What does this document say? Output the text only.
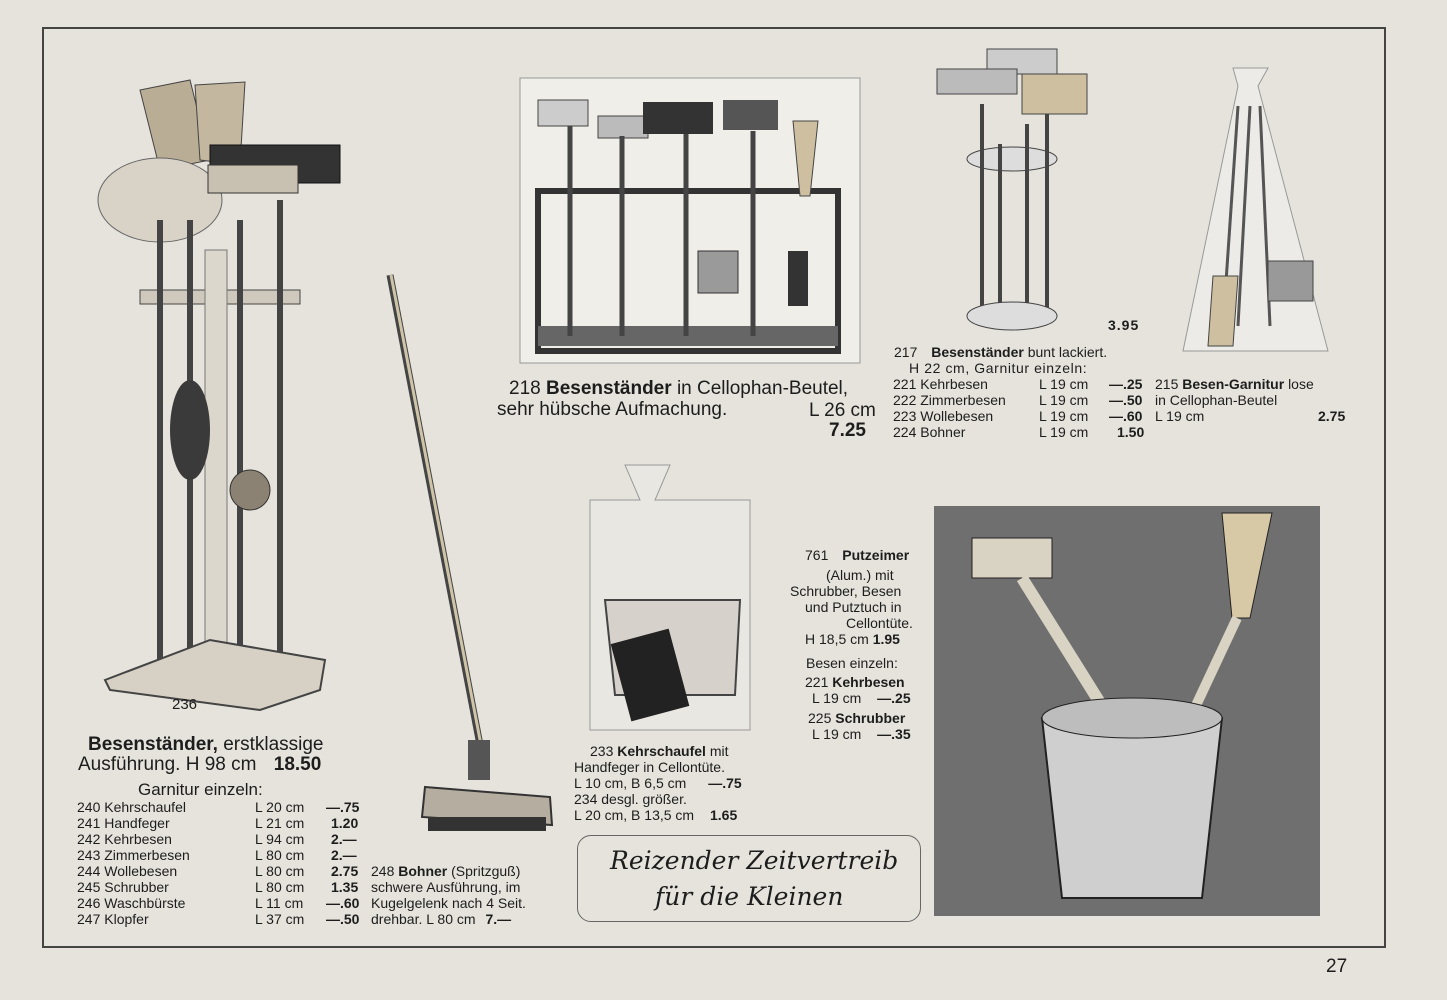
236
Besenständer, erstklassige
Ausführung. H 98 cm 18.50
Garnitur einzeln:
240 Kehrschaufel
241 Handfeger
242 Kehrbesen
243 Zimmerbesen
244 Wollebesen
245 Schrubber
246 Waschbürste
247 Klopfer
L 20 cm
L 21 cm
L 94 cm
L 80 cm
L 80 cm
L 80 cm
L 11 cm
L 37 cm
—.75
1.20
2.—
2.—
2.75
1.35
—.60
—.50
248 Bohner (Spritzguß)
schwere Ausführung, im
Kugelgelenk nach 4 Seit.
drehbar. L 80 cm 7.—
218 Besenständer in Cellophan-Beutel,
sehr hübsche Aufmachung.	L 26 cm
7.25
3.95
217 Besenständer bunt lackiert.
H 22 cm, Garnitur einzeln:
221 Kehrbesen
222 Zimmerbesen
223 Wollebesen
224 Bohner
L 19 cm
L 19 cm
L 19 cm
L 19 cm
—.25
—.50
—.60
1.50
215 Besen-Garnitur lose
in Cellophan-Beutel
L 19 cm	2.75
233 Kehrschaufel mit
Handfeger in Cellontüte.
L 10 cm, B 6,5 cm —.75
234 desgl. größer.
L 20 cm, B 13,5 cm 1.65
761 Putzeimer
(Alum.) mit
Schrubber, Besen
und Putztuch in
Cellontüte.
H 18,5 cm 1.95
Besen einzeln:
221 Kehrbesen
L 19 cm —.25
225 Schrubber
L 19 cm —.35
Reizender Zeitvertreib
für die Kleinen
27
